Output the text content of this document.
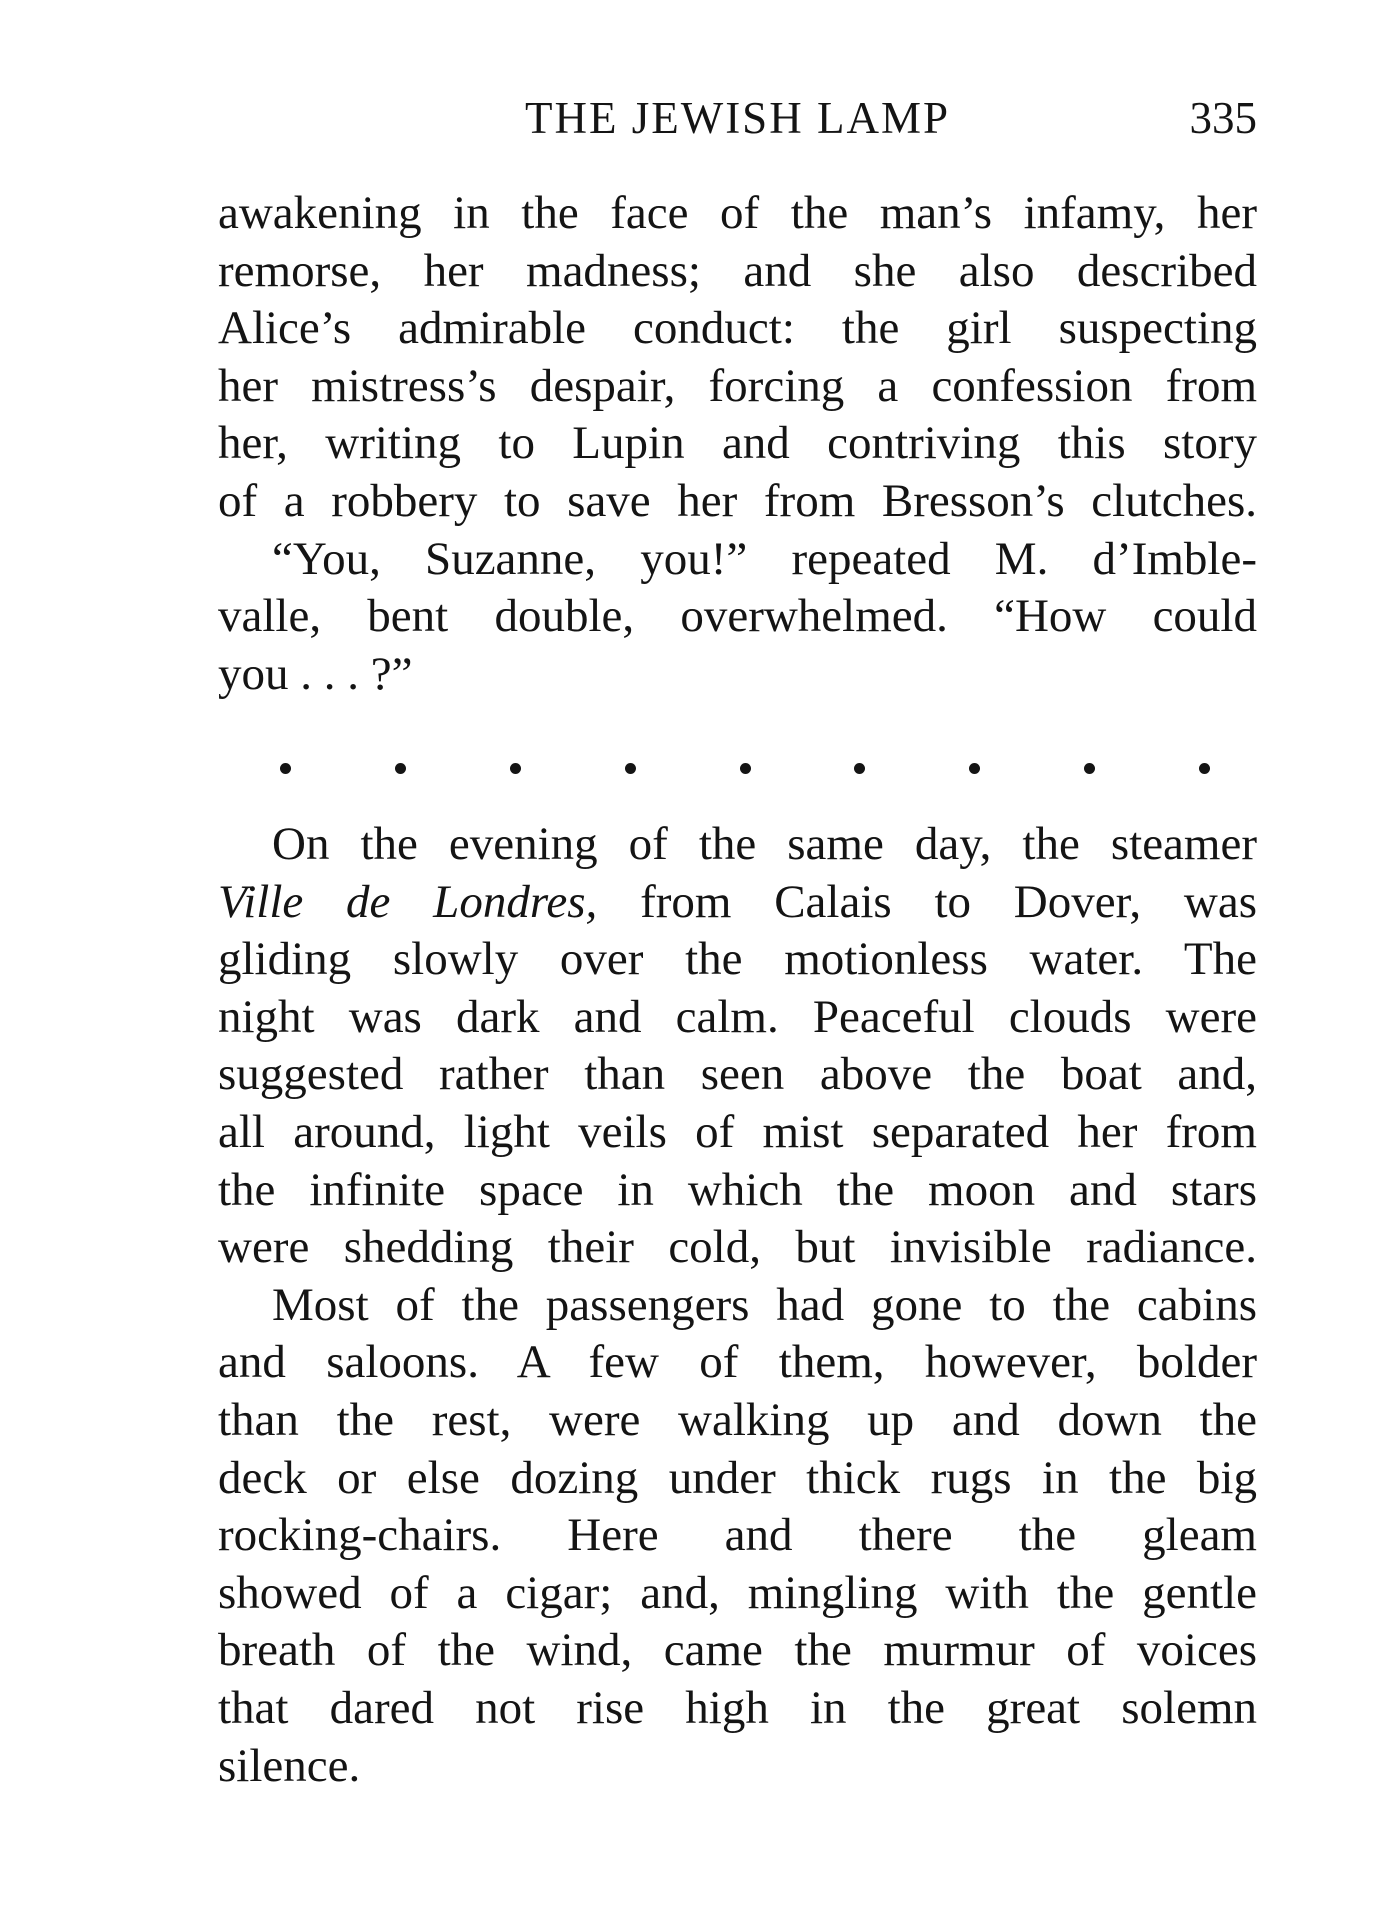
THE JEWISH LAMP	335
awakening in the face of the man’s infamy, her
remorse, her madness; and she also described
Alice’s admirable conduct: the girl suspecting
her mistress’s despair, forcing a confession from
her, writing to Lupin and contriving this story
of a robbery to save her from Bresson’s clutches.
“You, Suzanne, you!” repeated M. d’Imble-
valle, bent double, overwhelmed. “How could
you . . . ?”
On the evening of the same day, the steamer
Ville de Londres, from Calais to Dover, was
gliding slowly over the motionless water. The
night was dark and calm. Peaceful clouds were
suggested rather than seen above the boat and,
all around, light veils of mist separated her from
the infinite space in which the moon and stars
were shedding their cold, but invisible radiance.
Most of the passengers had gone to the cabins
and saloons. A few of them, however, bolder
than the rest, were walking up and down the
deck or else dozing under thick rugs in the big
rocking-chairs. Here and there the gleam
showed of a cigar; and, mingling with the gentle
breath of the wind, came the murmur of voices
that dared not rise high in the great solemn
silence.
